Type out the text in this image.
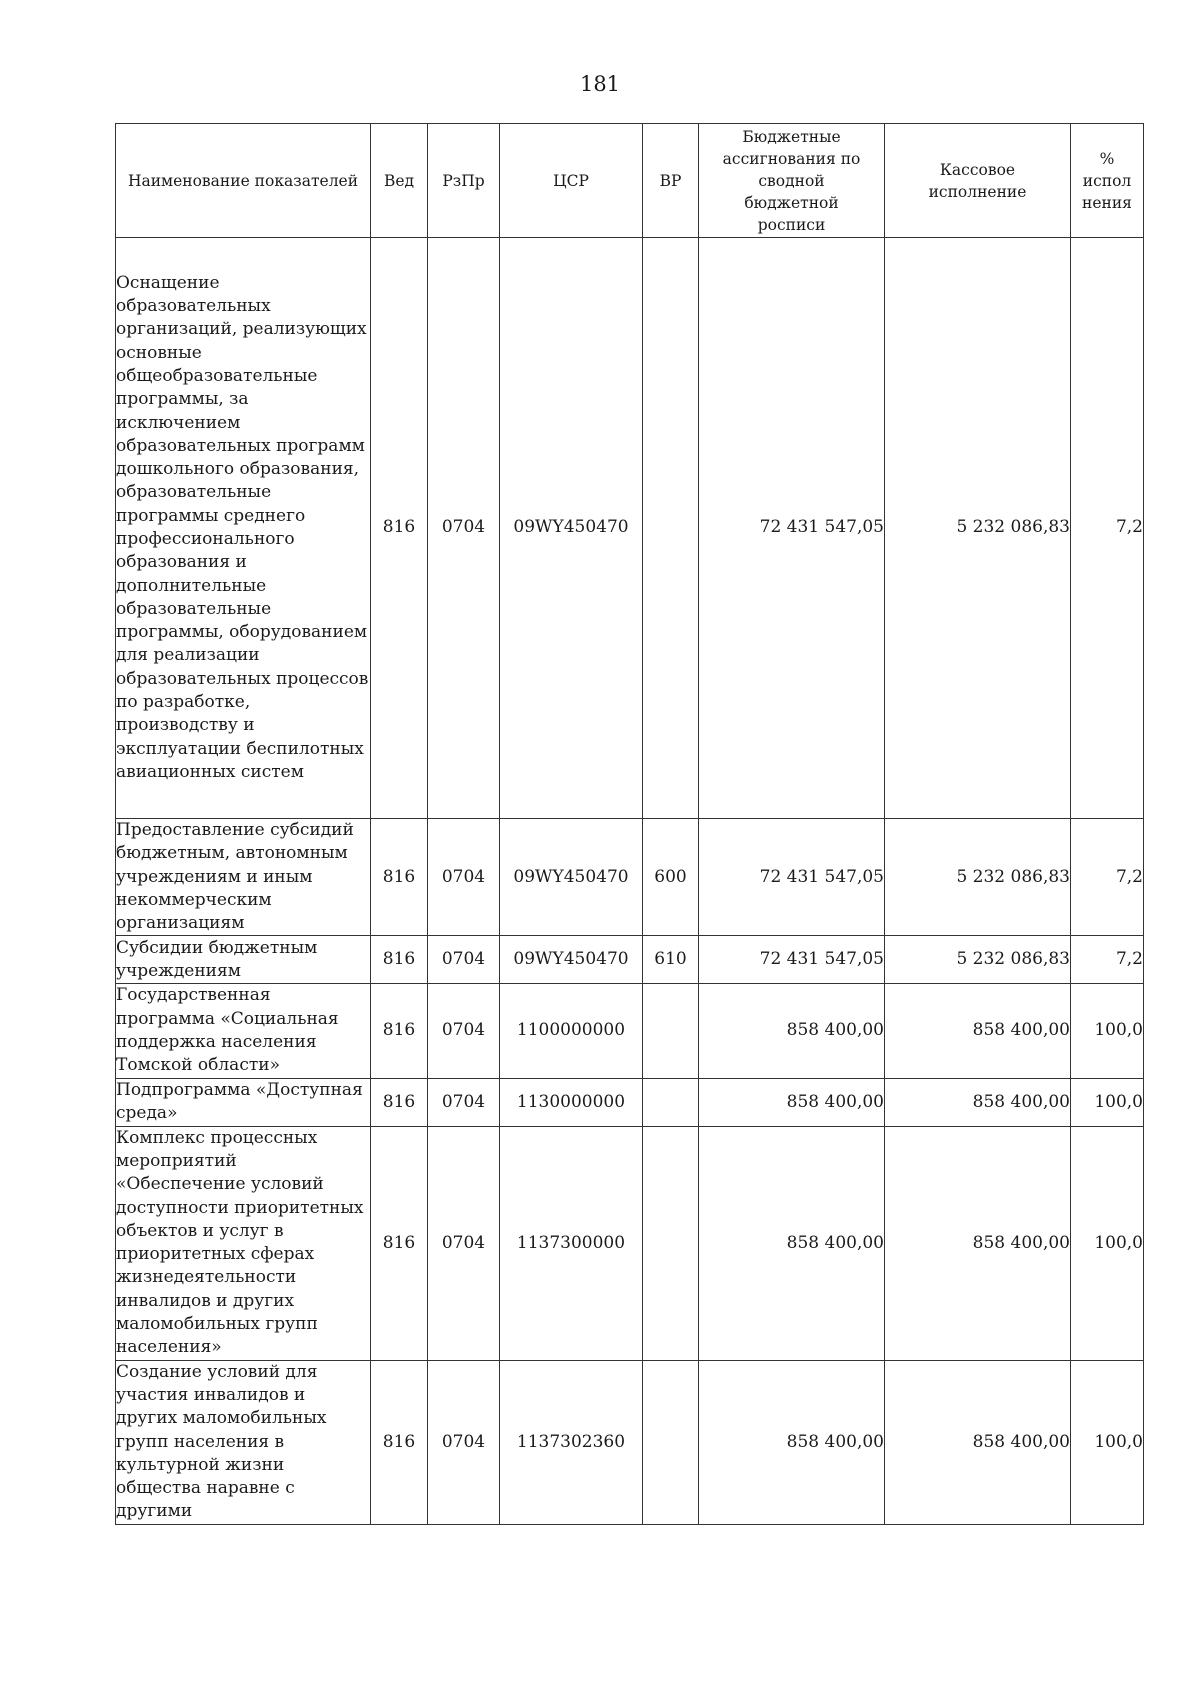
181
Наименование показателей	Вед	РзПр	ЦСР	ВР	Бюджетные ассигнования по сводной бюджетной росписи	Кассовое исполнение	% испол нения
Оснащение образовательных организаций, реализующих основные общеобразовательные программы, за исключением образовательных программ дошкольного образования, образовательные программы среднего профессионального образования и дополнительные образовательные программы, оборудованием для реализации образовательных процессов по разработке, производству и эксплуатации беспилотных авиационных систем	816	0704	09WY450470		72 431 547,05	5 232 086,83	7,2
Предоставление субсидий бюджетным, автономным учреждениям и иным некоммерческим организациям	816	0704	09WY450470	600	72 431 547,05	5 232 086,83	7,2
Субсидии бюджетным учреждениям	816	0704	09WY450470	610	72 431 547,05	5 232 086,83	7,2
Государственная программа «Социальная поддержка населения Томской области»	816	0704	1100000000		858 400,00	858 400,00	100,0
Подпрограмма «Доступная среда»	816	0704	1130000000		858 400,00	858 400,00	100,0
Комплекс процессных мероприятий «Обеспечение условий доступности приоритетных объектов и услуг в приоритетных сферах жизнедеятельности инвалидов и других маломобильных групп населения»	816	0704	1137300000		858 400,00	858 400,00	100,0
Создание условий для участия инвалидов и других маломобильных групп населения в культурной жизни общества наравне с другими	816	0704	1137302360		858 400,00	858 400,00	100,0
